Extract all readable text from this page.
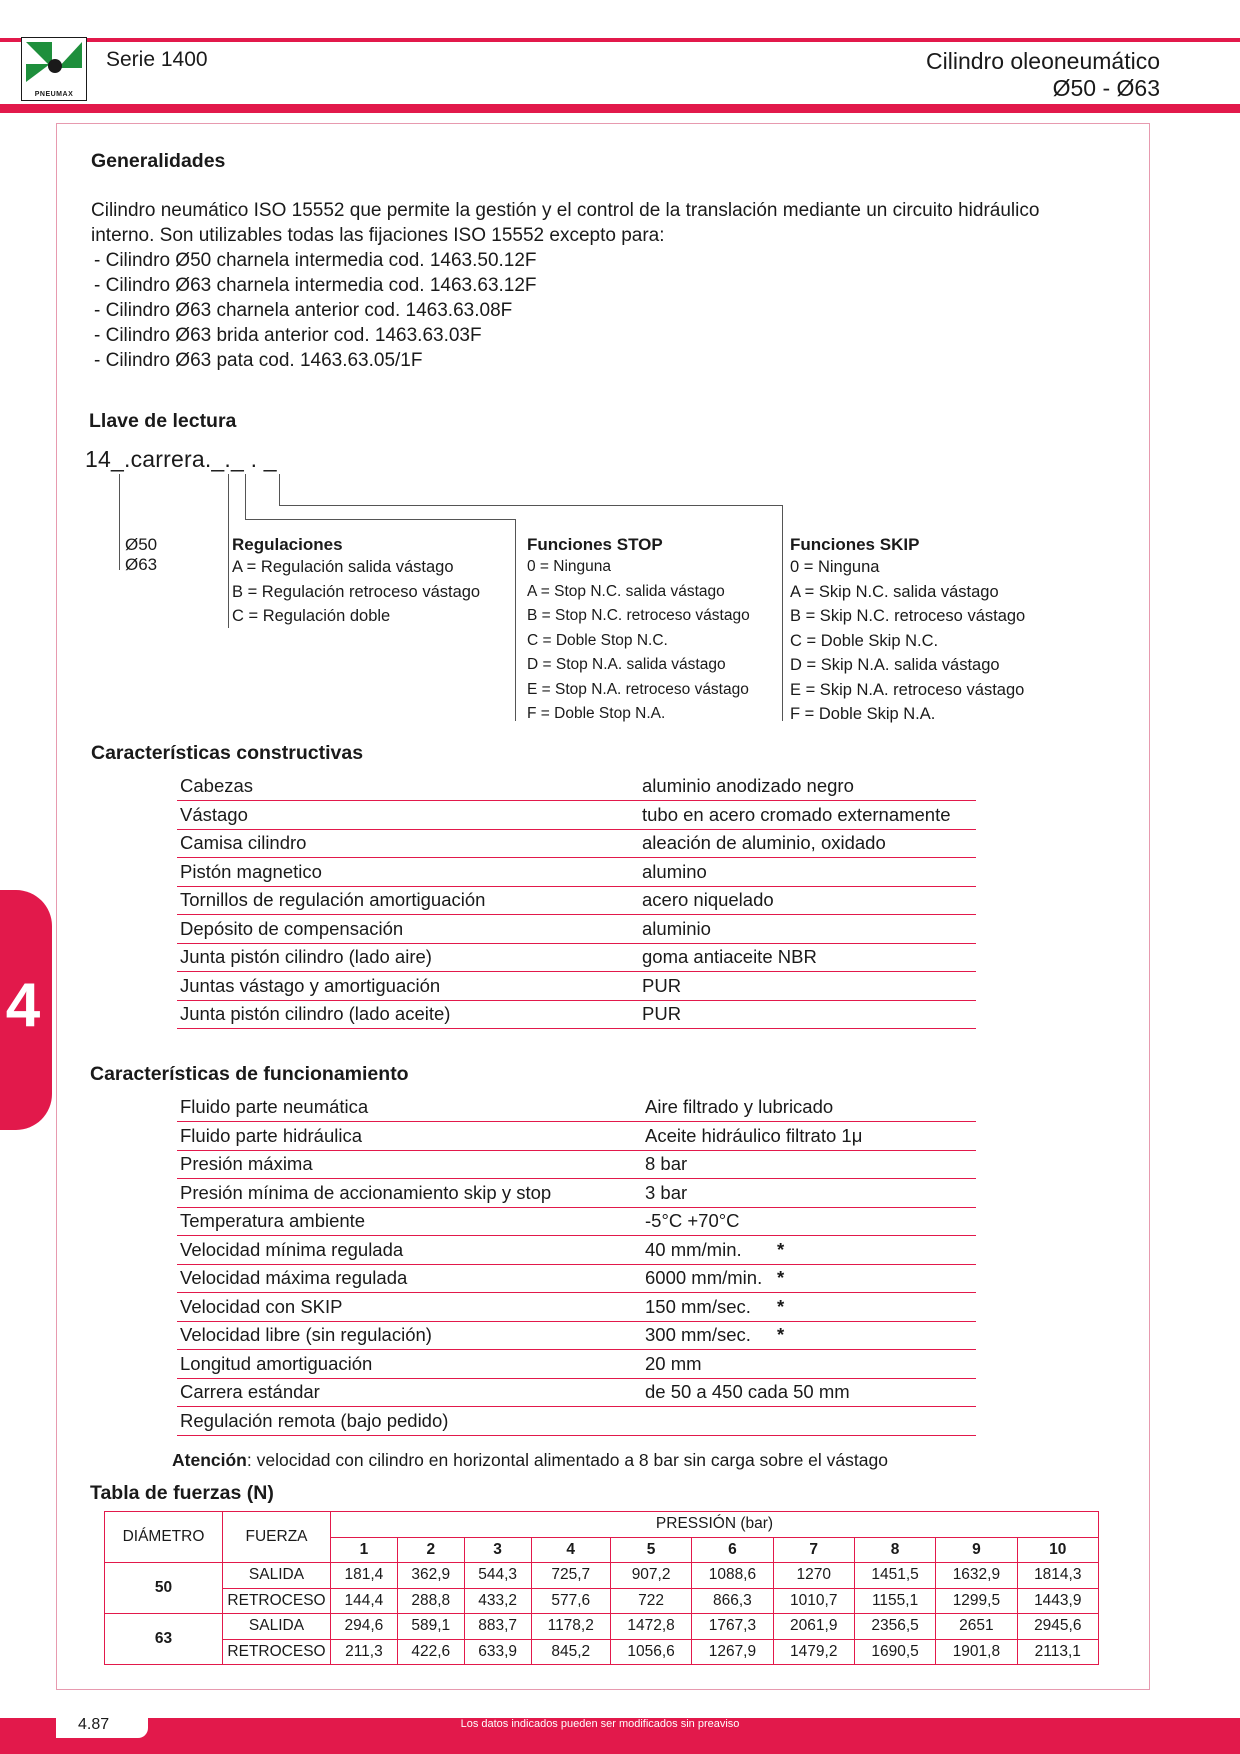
PNEUMAX
Serie 1400	Cilindro oleoneumático
Ø50 - Ø63
4
Generalidades
Cilindro neumático ISO 15552 que permite la gestión y el control de la translación mediante un circuito hidráulico interno. Son utilizables todas las fijaciones ISO 15552 excepto para:
- Cilindro Ø50 charnela intermedia cod. 1463.50.12F
- Cilindro Ø63 charnela intermedia cod. 1463.63.12F
- Cilindro Ø63 charnela anterior cod. 1463.63.08F
- Cilindro Ø63 brida anterior cod. 1463.63.03F
- Cilindro Ø63 pata cod. 1463.63.05/1F
Llave de lectura
14_.carrera._._ . _
Ø50
Ø63
Regulaciones
A = Regulación salida vástago
B = Regulación retroceso vástago
C = Regulación doble
Funciones STOP
0 = Ninguna
A = Stop N.C. salida vástago
B = Stop N.C. retroceso vástago
C = Doble Stop N.C.
D = Stop N.A. salida vástago
E = Stop N.A. retroceso vástago
F = Doble Stop N.A.
Funciones SKIP
0 = Ninguna
A = Skip N.C. salida vástago
B = Skip N.C. retroceso vástago
C = Doble Skip N.C.
D = Skip N.A. salida vástago
E = Skip N.A. retroceso vástago
F = Doble Skip N.A.
Características constructivas
Cabezas	aluminio anodizado negro
Vástago	tubo en acero cromado externamente
Camisa cilindro	aleación de aluminio, oxidado
Pistón magnetico	alumino
Tornillos de regulación amortiguación	acero niquelado
Depósito de compensación	aluminio
Junta pistón cilindro (lado aire)	goma antiaceite NBR
Juntas vástago y amortiguación	PUR
Junta pistón cilindro (lado aceite)	PUR
Características de funcionamiento
Fluido parte neumática	Aire filtrado y lubricado	
Fluido parte hidráulica	Aceite hidráulico filtrato 1μ	
Presión máxima	8 bar	
Presión mínima de accionamiento skip y stop	3 bar	
Temperatura ambiente	-5°C +70°C	
Velocidad mínima regulada	40 mm/min.	*
Velocidad máxima regulada	6000 mm/min.	*
Velocidad con SKIP	150 mm/sec.	*
Velocidad libre (sin regulación)	300 mm/sec.	*
Longitud amortiguación	20 mm	
Carrera estándar	de 50 a 450 cada 50 mm	
Regulación remota (bajo pedido)		
Atención: velocidad con cilindro en horizontal alimentado a 8 bar sin carga sobre el vástago
Tabla de fuerzas (N)
DIÁMETRO	FUERZA	PRESSIÓN (bar)									
		1	2	3	4	5	6	7	8	9	10
50	SALIDA	181,4	362,9	544,3	725,7	907,2	1088,6	1270	1451,5	1632,9	1814,3
	RETROCESO	144,4	288,8	433,2	577,6	722	866,3	1010,7	1155,1	1299,5	1443,9
63	SALIDA	294,6	589,1	883,7	1178,2	1472,8	1767,3	2061,9	2356,5	2651	2945,6
	RETROCESO	211,3	422,6	633,9	845,2	1056,6	1267,9	1479,2	1690,5	1901,8	2113,1
4.87	Los datos indicados pueden ser modificados sin preaviso
